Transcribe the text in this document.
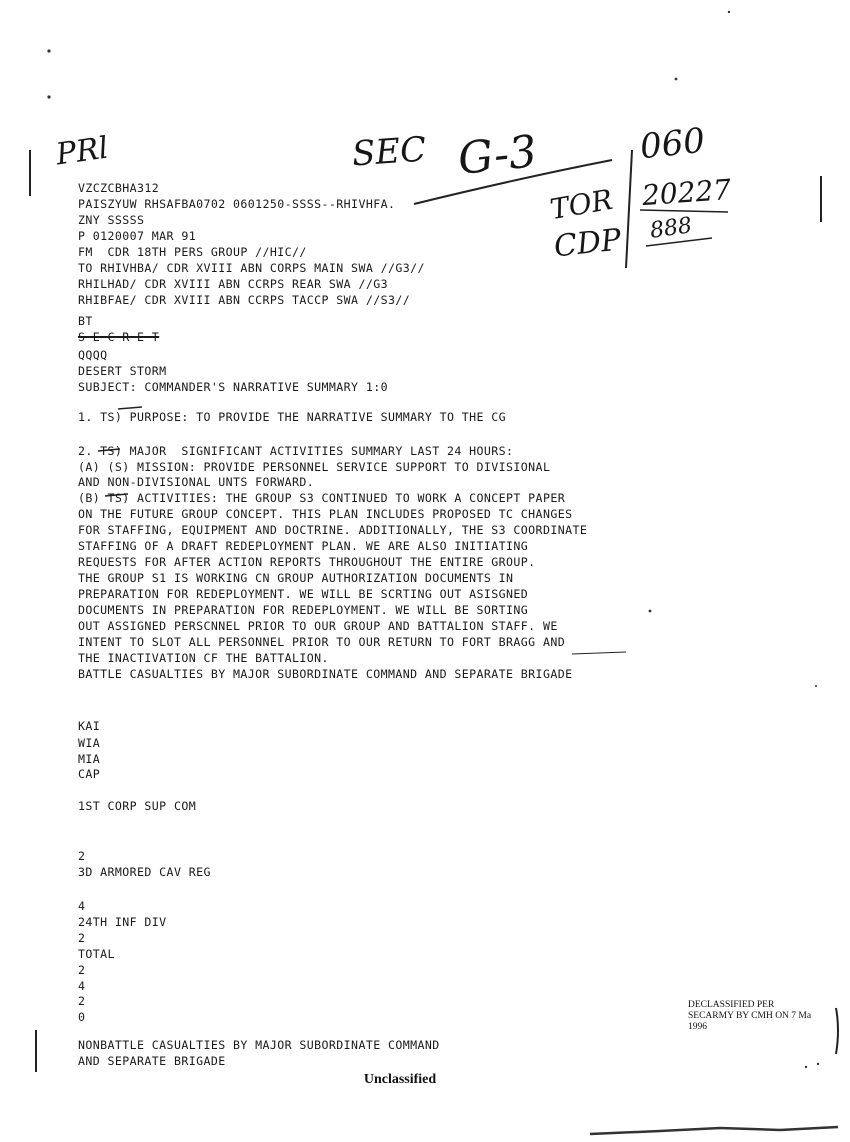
PRl	SEC G-3	060
TOR 20227
CDP 888
VZCZCBHA312
PAISZYUW RHSAFBA0702 0601250-SSSS--RHIVHFA.
ZNY SSSSS
P 0120007 MAR 91
FM  CDR 18TH PERS GROUP //HIC//
TO RHIVHBA/ CDR XVIII ABN CORPS MAIN SWA //G3//
RHILHAD/ CDR XVIII ABN CCRPS REAR SWA //G3
RHIBFAE/ CDR XVIII ABN CCRPS TACCP SWA //S3//
BT
S E C R E T
QQQQ
DESERT STORM
SUBJECT: COMMANDER'S NARRATIVE SUMMARY 1:0
1. TS) PURPOSE: TO PROVIDE THE NARRATIVE SUMMARY TO THE CG
2. TS) MAJOR  SIGNIFICANT ACTIVITIES SUMMARY LAST 24 HOURS:
(A) (S) MISSION: PROVIDE PERSONNEL SERVICE SUPPORT TO DIVISIONAL
AND NON-DIVISIONAL UNTS FORWARD.
(B) TS) ACTIVITIES: THE GROUP S3 CONTINUED TO WORK A CONCEPT PAPER
ON THE FUTURE GROUP CONCEPT. THIS PLAN INCLUDES PROPOSED TC CHANGES
FOR STAFFING, EQUIPMENT AND DOCTRINE. ADDITIONALLY, THE S3 COORDINATE
STAFFING OF A DRAFT REDEPLOYMENT PLAN. WE ARE ALSO INITIATING
REQUESTS FOR AFTER ACTION REPORTS THROUGHOUT THE ENTIRE GROUP.
THE GROUP S1 IS WORKING CN GROUP AUTHORIZATION DOCUMENTS IN
PREPARATION FOR REDEPLOYMENT. WE WILL BE SCRTING OUT ASISGNED
DOCUMENTS IN PREPARATION FOR REDEPLOYMENT. WE WILL BE SORTING
OUT ASSIGNED PERSCNNEL PRIOR TO OUR GROUP AND BATTALION STAFF. WE
INTENT TO SLOT ALL PERSONNEL PRIOR TO OUR RETURN TO FORT BRAGG AND
THE INACTIVATION CF THE BATTALION.
BATTLE CASUALTIES BY MAJOR SUBORDINATE COMMAND AND SEPARATE BRIGADE
KAI
WIA
MIA
CAP
1ST CORP SUP COM
2
3D ARMORED CAV REG
4
24TH INF DIV
2
TOTAL
2
4
2
0
NONBATTLE CASUALTIES BY MAJOR SUBORDINATE COMMAND
AND SEPARATE BRIGADE
DECLASSIFIED PER
SECARMY BY CMH ON 7 Ma
1996
Unclassified
